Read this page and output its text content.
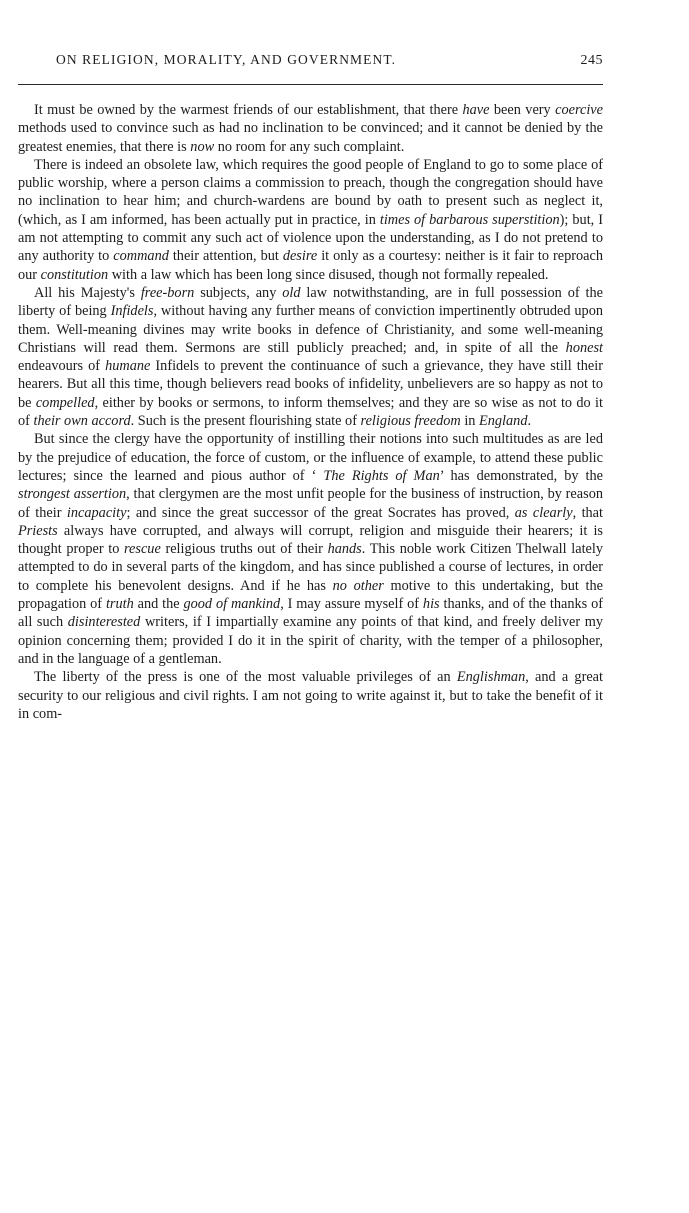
ON RELIGION, MORALITY, AND GOVERNMENT.	245

It must be owned by the warmest friends of our establishment, that there have been very coercive methods used to convince such as had no inclination to be convinced; and it cannot be denied by the greatest enemies, that there is now no room for any such complaint.

There is indeed an obsolete law, which requires the good people of England to go to some place of public worship, where a person claims a commission to preach, though the congregation should have no inclination to hear him; and church-wardens are bound by oath to present such as neglect it, (which, as I am informed, has been actually put in practice, in times of barbarous superstition); but, I am not attempting to commit any such act of violence upon the understanding, as I do not pretend to any authority to command their attention, but desire it only as a courtesy: neither is it fair to reproach our constitution with a law which has been long since disused, though not formally repealed.

All his Majesty's free-born subjects, any old law notwithstanding, are in full possession of the liberty of being Infidels, without having any further means of conviction impertinently obtruded upon them. Well-meaning divines may write books in defence of Christianity, and some well-meaning Christians will read them. Sermons are still publicly preached; and, in spite of all the honest endeavours of humane Infidels to prevent the continuance of such a grievance, they have still their hearers. But all this time, though believers read books of infidelity, unbelievers are so happy as not to be compelled, either by books or sermons, to inform themselves; and they are so wise as not to do it of their own accord. Such is the present flourishing state of religious freedom in England.

But since the clergy have the opportunity of instilling their notions into such multitudes as are led by the prejudice of education, the force of custom, or the influence of example, to attend these public lectures; since the learned and pious author of ‘ The Rights of Man’ has demonstrated, by the strongest assertion, that clergymen are the most unfit people for the business of instruction, by reason of their incapacity; and since the great successor of the great Socrates has proved, as clearly, that Priests always have corrupted, and always will corrupt, religion and misguide their hearers; it is thought proper to rescue religious truths out of their hands. This noble work Citizen Thelwall lately attempted to do in several parts of the kingdom, and has since published a course of lectures, in order to complete his benevolent designs. And if he has no other motive to this undertaking, but the propagation of truth and the good of mankind, I may assure myself of his thanks, and of the thanks of all such disinterested writers, if I impartially examine any points of that kind, and freely deliver my opinion concerning them; provided I do it in the spirit of charity, with the temper of a philosopher, and in the language of a gentleman.

The liberty of the press is one of the most valuable privileges of an Englishman, and a great security to our religious and civil rights. I am not going to write against it, but to take the benefit of it in com-
